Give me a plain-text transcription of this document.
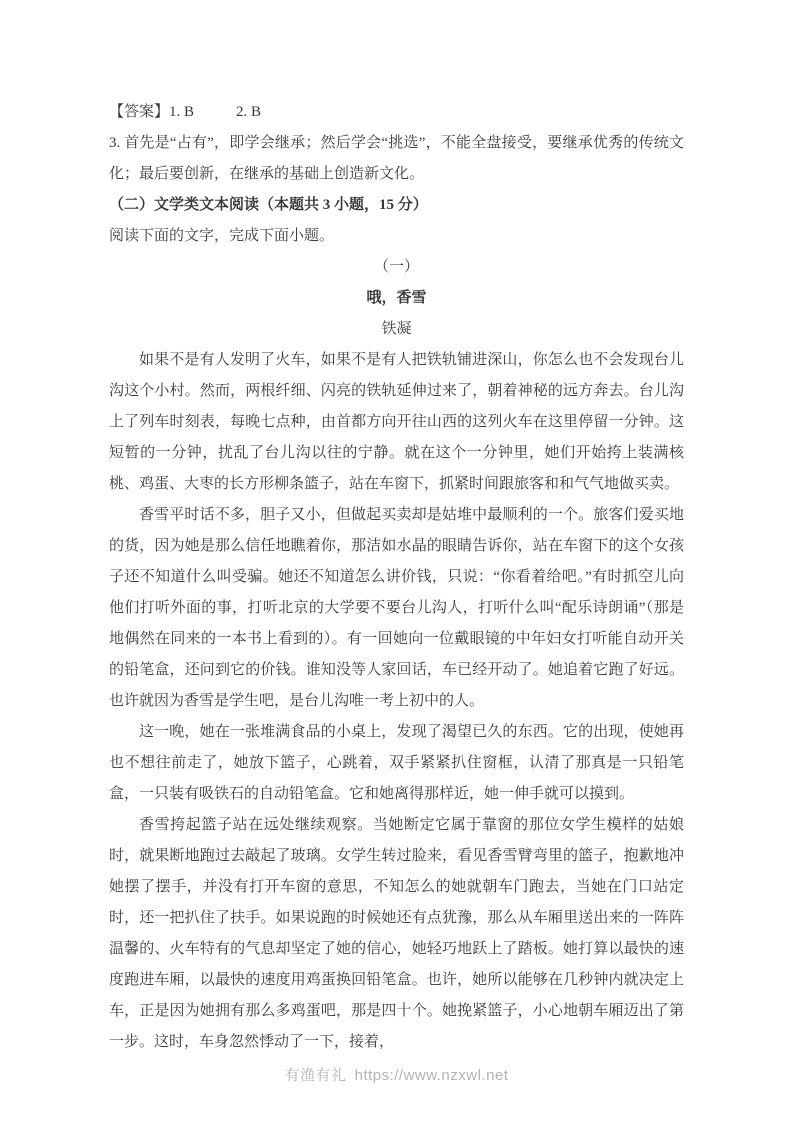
【答案】1. B	2. B

3. 首先是“占有”，即学会继承；然后学会“挑选”，不能全盘接受，要继承优秀的传统文化；最后要创新，在继承的基础上创造新文化。

（二）文学类文本阅读（本题共 3 小题，15 分）

阅读下面的文字，完成下面小题。

（一）

哦，香雪

铁凝

如果不是有人发明了火车，如果不是有人把铁轨铺进深山，你怎么也不会发现台儿沟这个小村。然而，两根纤细、闪亮的铁轨延伸过来了，朝着神秘的远方奔去。台儿沟上了列车时刻表，每晚七点种，由首都方向开往山西的这列火车在这里停留一分钟。这短暂的一分钟，扰乱了台儿沟以往的宁静。就在这个一分钟里，她们开始挎上装满核桃、鸡蛋、大枣的长方形柳条篮子，站在车窗下，抓紧时间跟旅客和和气气地做买卖。

香雪平时话不多，胆子又小，但做起买卖却是姑堆中最顺利的一个。旅客们爱买地的货，因为她是那么信任地瞧着你，那洁如水晶的眼睛告诉你，站在车窗下的这个女孩子还不知道什么叫受骗。她还不知道怎么讲价钱，只说：“你看着给吧。”有时抓空儿向他们打听外面的事，打听北京的大学要不要台儿沟人，打听什么叫“配乐诗朗诵”（那是地偶然在同来的一本书上看到的）。有一回她向一位戴眼镜的中年妇女打听能自动开关的铅笔盒，还问到它的价钱。谁知没等人家回话，车已经开动了。她追着它跑了好远。也许就因为香雪是学生吧，是台儿沟唯一考上初中的人。

这一晚，她在一张堆满食品的小桌上，发现了渴望已久的东西。它的出现，使她再也不想往前走了，她放下篮子，心跳着，双手紧紧扒住窗框，认清了那真是一只铅笔盒，一只装有吸铁石的自动铅笔盒。它和她离得那样近，她一伸手就可以摸到。

香雪挎起篮子站在远处继续观察。当她断定它属于靠窗的那位女学生模样的姑娘时，就果断地跑过去敲起了玻璃。女学生转过脸来，看见香雪臂弯里的篮子，抱歉地冲她摆了摆手，并没有打开车窗的意思，不知怎么的她就朝车门跑去，当她在门口站定时，还一把扒住了扶手。如果说跑的时候她还有点犹豫，那么从车厢里送出来的一阵阵温馨的、火车特有的气息却坚定了她的信心，她轻巧地跃上了踏板。她打算以最快的速度跑进车厢，以最快的速度用鸡蛋换回铅笔盒。也许，她所以能够在几秒钟内就决定上车，正是因为她拥有那么多鸡蛋吧，那是四十个。她挽紧篮子，小心地朝车厢迈出了第一步。这时，车身忽然悸动了一下，接着，

有渔有礼 https://www.nzxwl.net
